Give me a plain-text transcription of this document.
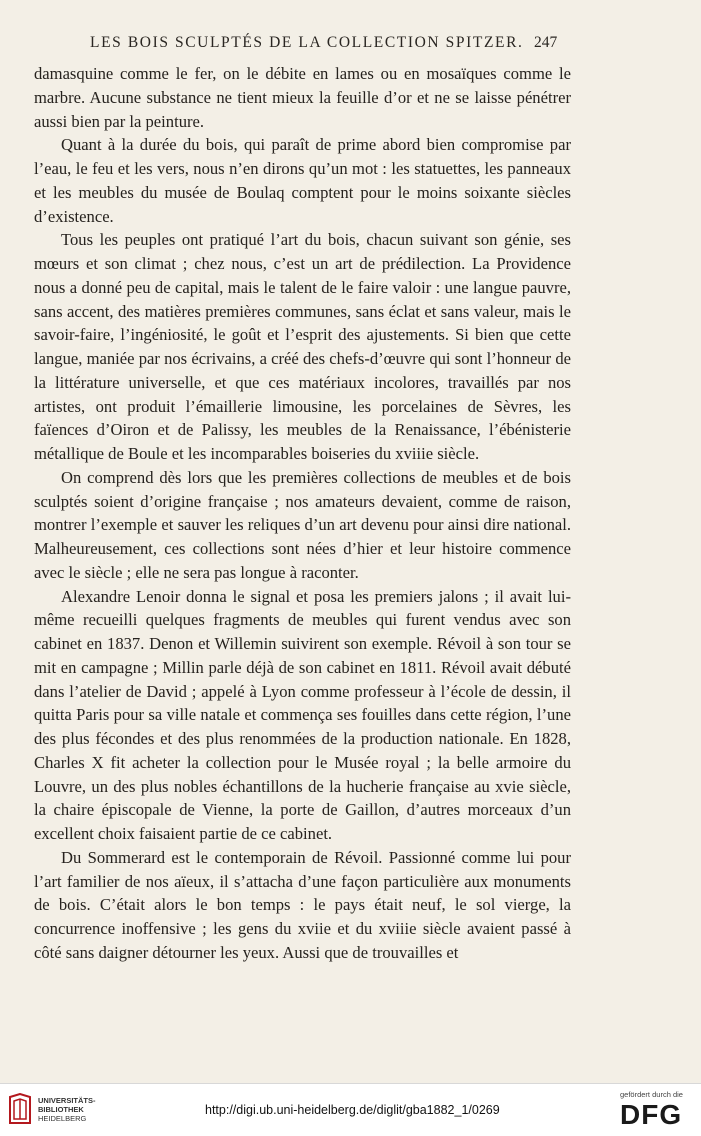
LES BOIS SCULPTÉS DE LA COLLECTION SPITZER. 247

damasquine comme le fer, on le débite en lames ou en mosaïques comme le marbre. Aucune substance ne tient mieux la feuille d’or et ne se laisse pénétrer aussi bien par la peinture.

Quant à la durée du bois, qui paraît de prime abord bien compromise par l’eau, le feu et les vers, nous n’en dirons qu’un mot : les statuettes, les panneaux et les meubles du musée de Boulaq comptent pour le moins soixante siècles d’existence.

Tous les peuples ont pratiqué l’art du bois, chacun suivant son génie, ses mœurs et son climat ; chez nous, c’est un art de prédilection. La Providence nous a donné peu de capital, mais le talent de le faire valoir : une langue pauvre, sans accent, des matières premières communes, sans éclat et sans valeur, mais le savoir-faire, l’ingéniosité, le goût et l’esprit des ajustements. Si bien que cette langue, maniée par nos écrivains, a créé des chefs-d’œuvre qui sont l’honneur de la littérature universelle, et que ces matériaux incolores, travaillés par nos artistes, ont produit l’émaillerie limousine, les porcelaines de Sèvres, les faïences d’Oiron et de Palissy, les meubles de la Renaissance, l’ébénisterie métallique de Boule et les incomparables boiseries du xviiie siècle.

On comprend dès lors que les premières collections de meubles et de bois sculptés soient d’origine française ; nos amateurs devaient, comme de raison, montrer l’exemple et sauver les reliques d’un art devenu pour ainsi dire national. Malheureusement, ces collections sont nées d’hier et leur histoire commence avec le siècle ; elle ne sera pas longue à raconter.

Alexandre Lenoir donna le signal et posa les premiers jalons ; il avait lui-même recueilli quelques fragments de meubles qui furent vendus avec son cabinet en 1837. Denon et Willemin suivirent son exemple. Révoil à son tour se mit en campagne ; Millin parle déjà de son cabinet en 1811. Révoil avait débuté dans l’atelier de David ; appelé à Lyon comme professeur à l’école de dessin, il quitta Paris pour sa ville natale et commença ses fouilles dans cette région, l’une des plus fécondes et des plus renommées de la production nationale. En 1828, Charles X fit acheter la collection pour le Musée royal ; la belle armoire du Louvre, un des plus nobles échantillons de la hucherie française au xvie siècle, la chaire épiscopale de Vienne, la porte de Gaillon, d’autres morceaux d’un excellent choix faisaient partie de ce cabinet.

Du Sommerard est le contemporain de Révoil. Passionné comme lui pour l’art familier de nos aïeux, il s’attacha d’une façon particulière aux monuments de bois. C’était alors le bon temps : le pays était neuf, le sol vierge, la concurrence inoffensive ; les gens du xviie et du xviiie siècle avaient passé à côté sans daigner détourner les yeux. Aussi que de trouvailles et

UNIVERSITÄTS-
BIBLIOTHEK
HEIDELBERG
http://digi.ub.uni-heidelberg.de/diglit/gba1882_1/0269
gefördert durch die
DFG
